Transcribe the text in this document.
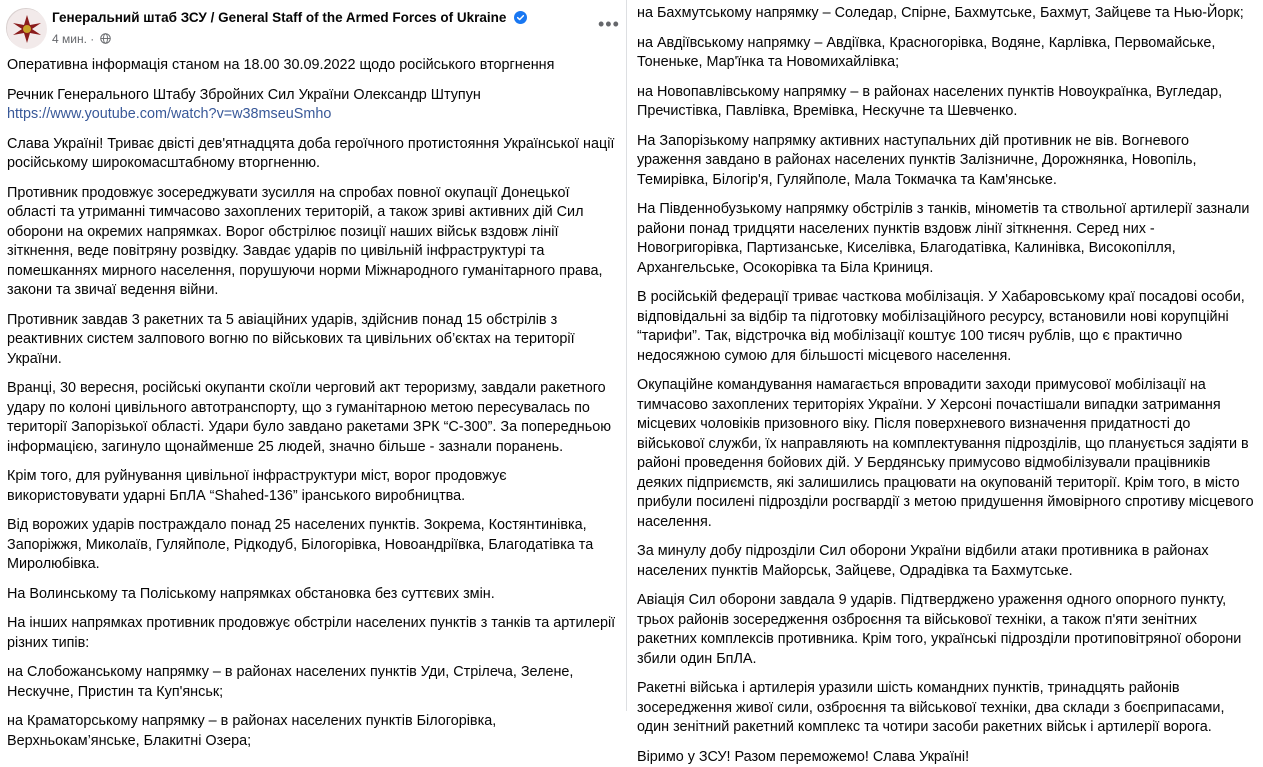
Генеральний штаб ЗСУ / General Staff of the Armed Forces of Ukraine
4 мин. ·
•••

Оперативна інформація станом на 18.00 30.09.2022 щодо російського вторгнення

Речник Генерального Штабу Збройних Сил України Олександр Штупун
https://www.youtube.com/watch?v=w38mseuSmho

Слава Україні! Триває двісті дев'ятнадцята доба героїчного протистояння Української нації російському широкомасштабному вторгненню.

Противник продовжує зосереджувати зусилля на спробах повної окупації Донецької області та утриманні тимчасово захоплених територій, а також зриві активних дій Сил оборони на окремих напрямках. Ворог обстрілює позиції наших військ вздовж лінії зіткнення, веде повітряну розвідку. Завдає ударів по цивільній інфраструктурі та помешканнях мирного населення, порушуючи норми Міжнародного гуманітарного права, закони та звичаї ведення війни.

Противник завдав 3 ракетних та 5 авіаційних ударів, здійснив понад 15 обстрілів з реактивних систем залпового вогню по військових та цивільних об’єктах на території України.

Вранці, 30 вересня, російські окупанти скоїли черговий акт тероризму, завдали ракетного удару по колоні цивільного автотранспорту, що з гуманітарною метою пересувалась по території Запорізької області. Удари було завдано ракетами ЗРК “С-300”. За попередньою інформацією, загинуло щонайменше 25 людей, значно більше - зазнали поранень.

Крім того, для руйнування цивільної інфраструктури міст, ворог продовжує використовувати ударні БпЛА “Shahed-136” іранського виробництва.

Від ворожих ударів постраждало понад 25 населених пунктів. Зокрема, Костянтинівка, Запоріжжя, Миколаїв, Гуляйполе, Рідкодуб, Білогорівка, Новоандріївка, Благодатівка та Миролюбівка.

На Волинському та Поліському напрямках обстановка без суттєвих змін.

На інших напрямках противник продовжує обстріли населених пунктів з танків та артилерії різних типів:

на Слобожанському напрямку – в районах населених пунктів Уди, Стрілеча, Зелене, Нескучне, Пристин та Куп'янськ;

на Краматорському напрямку – в районах населених пунктів Білогорівка, Верхньокам’янське, Блакитні Озера;

на Бахмутському напрямку – Соледар, Спірне, Бахмутське, Бахмут, Зайцеве та Нью-Йорк;

на Авдіївському напрямку – Авдіївка, Красногорівка, Водяне, Карлівка, Первомайське, Тоненьке, Мар'їнка та Новомихайлівка;

на Новопавлівському напрямку – в районах населених пунктів Новоукраїнка, Вугледар, Пречистівка, Павлівка, Времівка, Нескучне та Шевченко.

На Запорізькому напрямку активних наступальних дій противник не вів. Вогневого ураження завдано в районах населених пунктів Залізничне, Дорожнянка, Новопіль, Темирівка, Білогір'я, Гуляйполе, Мала Токмачка та Кам'янське.

На Південнобузькому напрямку обстрілів з танків, мінометів та ствольної артилерії зазнали райони понад тридцяти населених пунктів вздовж лінії зіткнення. Серед них - Новогригорівка, Партизанське, Киселівка, Благодатівка, Калинівка, Високопілля, Архангельське, Осокорівка та Біла Криниця.

В російській федерації триває часткова мобілізація. У Хабаровському краї посадові особи, відповідальні за відбір та підготовку мобілізаційного ресурсу, встановили нові корупційні “тарифи”. Так, відстрочка від мобілізації коштує 100 тисяч рублів, що є практично недосяжною сумою для більшості місцевого населення.

Окупаційне командування намагається впровадити заходи примусової мобілізації на тимчасово захоплених територіях України. У Херсоні почастішали випадки затримання місцевих чоловіків призовного віку. Після поверхневого визначення придатності до військової служби, їх направляють на комплектування підрозділів, що планується задіяти в районі проведення бойових дій. У Бердянську примусово відмобілізували працівників деяких підприємств, які залишились працювати на окупованій території. Крім того, в місто прибули посилені підрозділи росгвардії з метою придушення ймовірного спротиву місцевого населення.

За минулу добу підрозділи Сил оборони України відбили атаки противника в районах населених пунктів Майорськ, Зайцеве, Одрадівка та Бахмутське.

Авіація Сил оборони завдала 9 ударів. Підтверджено ураження одного опорного пункту, трьох районів зосередження озброєння та військової техніки, а також п'яти зенітних ракетних комплексів противника. Крім того, українські підрозділи протиповітряної оборони збили один БпЛА.

Ракетні війська і артилерія уразили шість командних пунктів, тринадцять районів зосередження живої сили, озброєння та військової техніки, два склади з боєприпасами, один зенітний ракетний комплекс та чотири засоби ракетних військ і артилерії ворога.

Віримо у ЗСУ! Разом переможемо! Слава Україні!
